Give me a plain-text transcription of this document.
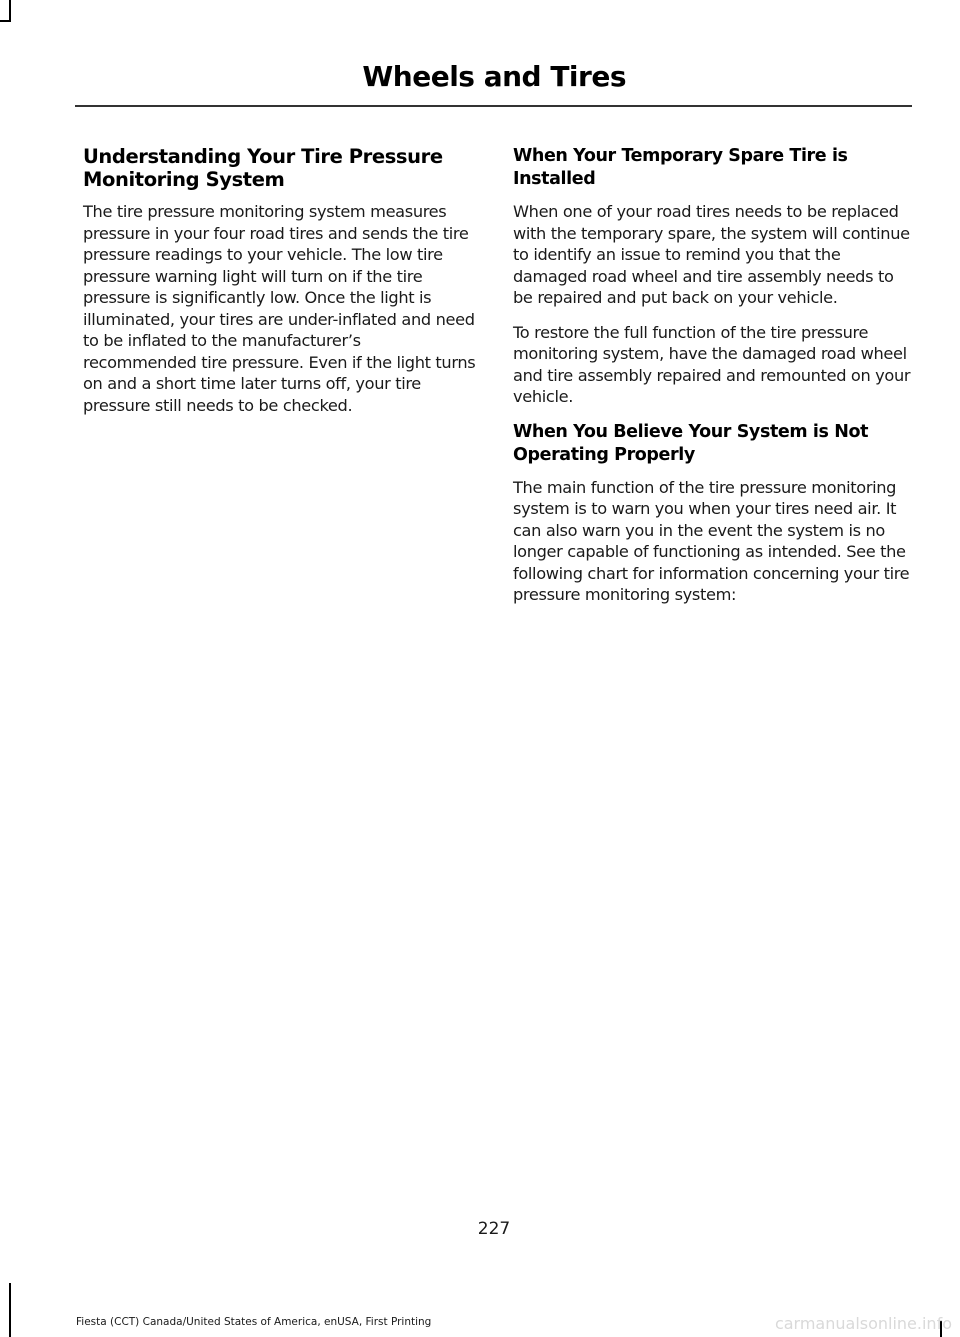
Wheels and Tires
Understanding Your Tire Pressure Monitoring System

The tire pressure monitoring system measures pressure in your four road tires and sends the tire pressure readings to your vehicle. The low tire pressure warning light will turn on if the tire pressure is significantly low. Once the light is illuminated, your tires are under-inflated and need to be inflated to the manufacturer’s recommended tire pressure. Even if the light turns on and a short time later turns off, your tire pressure still needs to be checked.

When Your Temporary Spare Tire is Installed

When one of your road tires needs to be replaced with the temporary spare, the system will continue to identify an issue to remind you that the damaged road wheel and tire assembly needs to be repaired and put back on your vehicle.

To restore the full function of the tire pressure monitoring system, have the damaged road wheel and tire assembly repaired and remounted on your vehicle.

When You Believe Your System is Not Operating Properly

The main function of the tire pressure monitoring system is to warn you when your tires need air. It can also warn you in the event the system is no longer capable of functioning as intended. See the following chart for information concerning your tire pressure monitoring system:

227
Fiesta (CCT) Canada/United States of America, enUSA, First Printing	carmanualsonline.info
